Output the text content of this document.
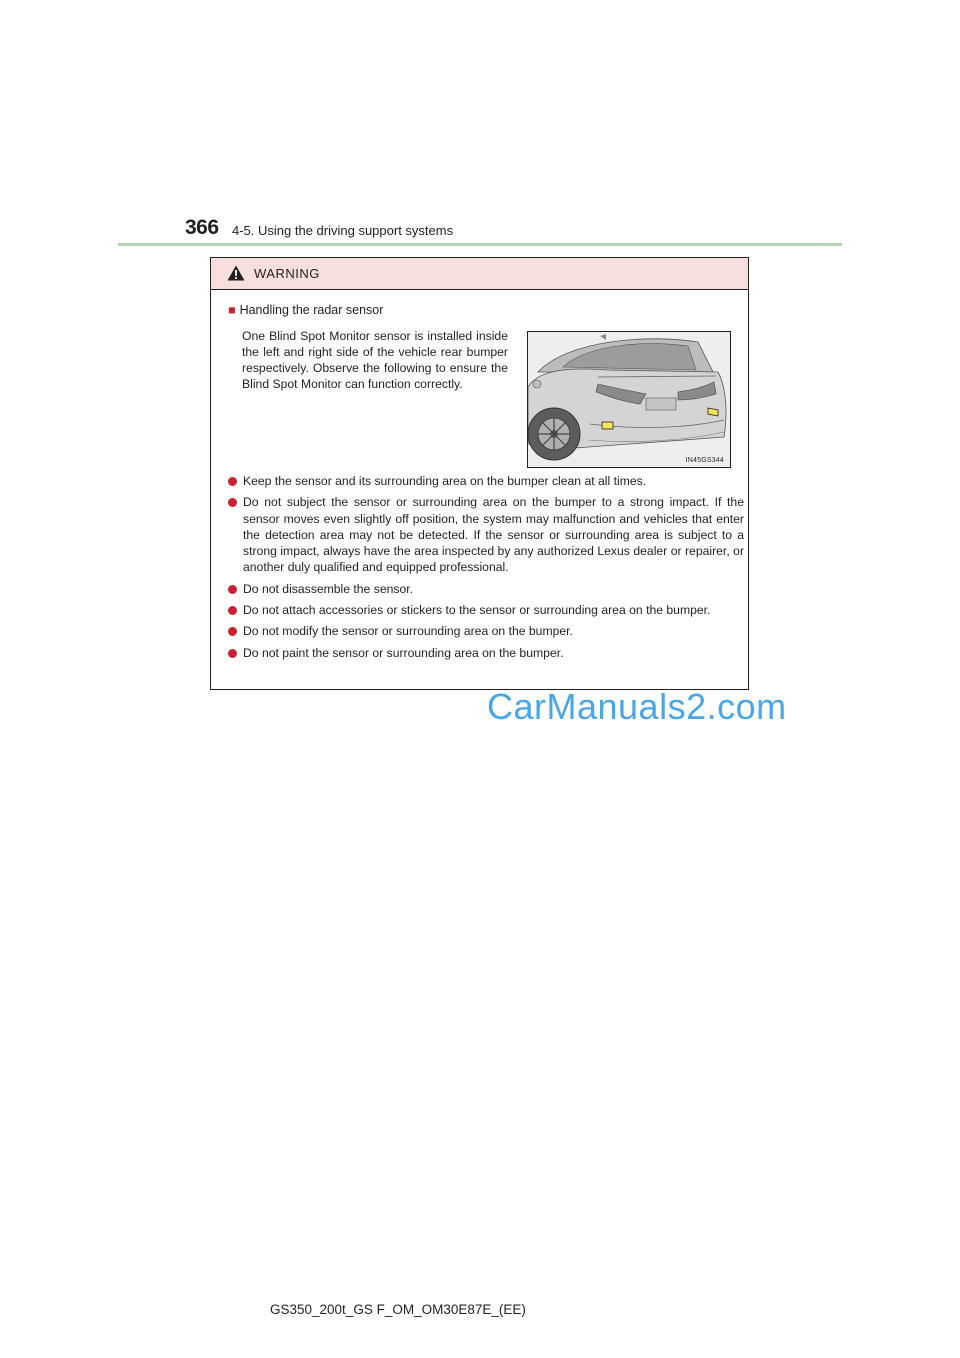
366 4-5. Using the driving support systems
WARNING
■ Handling the radar sensor
One Blind Spot Monitor sensor is installed inside the left and right side of the vehicle rear bumper respectively. Observe the following to ensure the Blind Spot Monitor can function correctly.
IN45GS344
Keep the sensor and its surrounding area on the bumper clean at all times.
Do not subject the sensor or surrounding area on the bumper to a strong impact. If the sensor moves even slightly off position, the system may malfunction and vehicles that enter the detection area may not be detected. If the sensor or surrounding area is subject to a strong impact, always have the area inspected by any authorized Lexus dealer or repairer, or another duly qualified and equipped professional.
Do not disassemble the sensor.
Do not attach accessories or stickers to the sensor or surrounding area on the bumper.
Do not modify the sensor or surrounding area on the bumper.
Do not paint the sensor or surrounding area on the bumper.
CarManuals2.com
GS350_200t_GS F_OM_OM30E87E_(EE)
